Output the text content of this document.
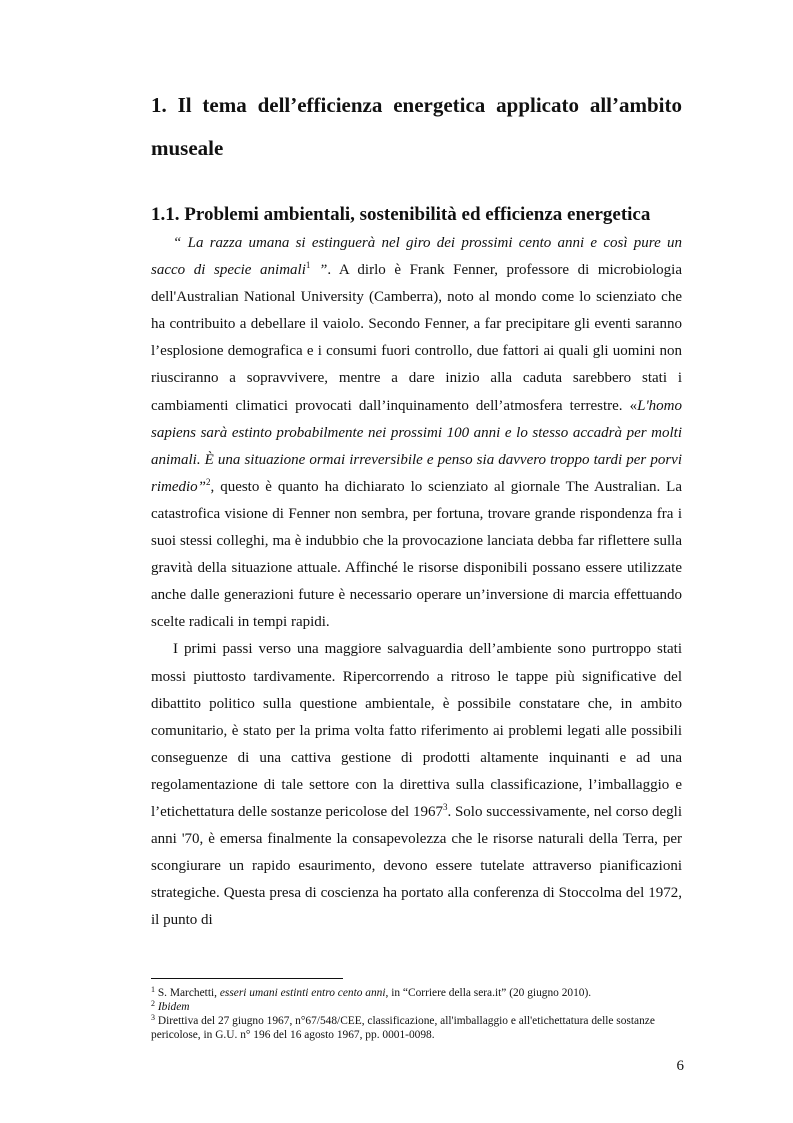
1. Il tema dell’efficienza energetica applicato all’ambito museale
1.1. Problemi ambientali, sostenibilità ed efficienza energetica

“ La razza umana si estinguerà nel giro dei prossimi cento anni e così pure un sacco di specie animali$^1$ ”. A dirlo è Frank Fenner, professore di microbiologia dell'Australian National University (Camberra), noto al mondo come lo scienziato che ha contribuito a debellare il vaiolo. Secondo Fenner, a far precipitare gli eventi saranno l’esplosione demografica e i consumi fuori controllo, due fattori ai quali gli uomini non riusciranno a sopravvivere, mentre a dare inizio alla caduta sarebbero stati i cambiamenti climatici provocati dall’inquinamento dell’atmosfera terrestre. «L'homo sapiens sarà estinto probabilmente nei prossimi 100 anni e lo stesso accadrà per molti animali. È una situazione ormai irreversibile e penso sia davvero troppo tardi per porvi rimedio”$^2$, questo è quanto ha dichiarato lo scienziato al giornale The Australian. La catastrofica visione di Fenner non sembra, per fortuna, trovare grande rispondenza fra i suoi stessi colleghi, ma è indubbio che la provocazione lanciata debba far riflettere sulla gravità della situazione attuale. Affinché le risorse disponibili possano essere utilizzate anche dalle generazioni future è necessario operare un’inversione di marcia effettuando scelte radicali in tempi rapidi.

I primi passi verso una maggiore salvaguardia dell’ambiente sono purtroppo stati mossi piuttosto tardivamente. Ripercorrendo a ritroso le tappe più significative del dibattito politico sulla questione ambientale, è possibile constatare che, in ambito comunitario, è stato per la prima volta fatto riferimento ai problemi legati alle possibili conseguenze di una cattiva gestione di prodotti altamente inquinanti e ad una regolamentazione di tale settore con la direttiva sulla classificazione, l’imballaggio e l’etichettatura delle sostanze pericolose del 1967$^3$. Solo successivamente, nel corso degli anni '70, è emersa finalmente la consapevolezza che le risorse naturali della Terra, per scongiurare un rapido esaurimento, devono essere tutelate attraverso pianificazioni strategiche. Questa presa di coscienza ha portato alla conferenza di Stoccolma del 1972, il punto di

$^1$ S. Marchetti, esseri umani estinti entro cento anni, in “Corriere della sera.it” (20 giugno 2010).

$^2$ Ibidem

$^3$ Direttiva del 27 giugno 1967, n°67/548/CEE, classificazione, all'imballaggio e all'etichettatura delle sostanze pericolose, in G.U. n° 196 del 16 agosto 1967, pp. 0001-0098.

6
